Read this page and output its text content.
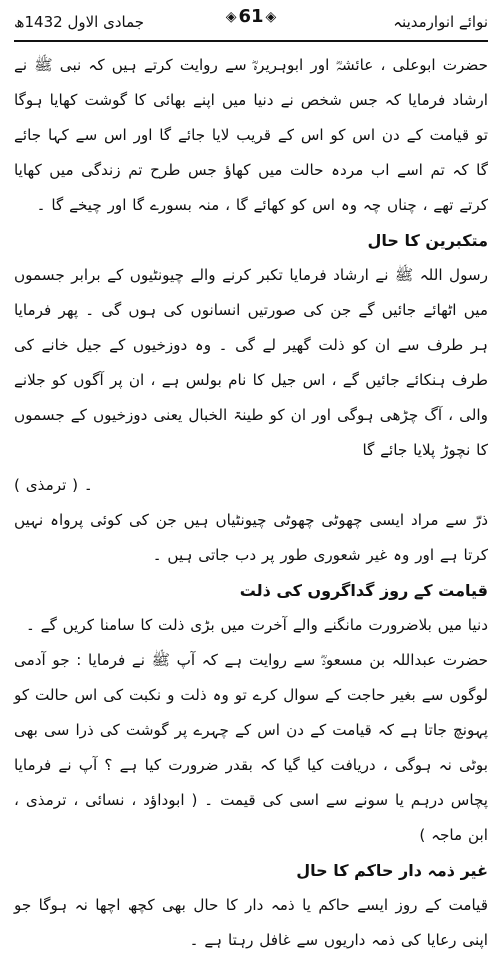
نوائے انوارمدینہ
◈ 61 ◈
جمادی الاول 1432ھ

حضرت ابوعلی ، عائشہؓ اور ابوہریرہؓ سے روایت کرتے ہیں کہ نبی ﷺ نے ارشاد فرمایا کہ جس شخص نے دنیا میں اپنے بھائی کا گوشت کھایا ہوگا تو قیامت کے دن اس کو اس کے قریب لایا جائے گا اور اس سے کہا جائے گا کہ تم اسے اب مردہ حالت میں کھاؤ جس طرح تم زندگی میں کھایا کرتے تھے ، چناں چہ وہ اس کو کھائے گا ، منہ بسورے گا اور چیخے گا ۔

متکبرین کا حال

رسول اللہ ﷺ نے ارشاد فرمایا تکبر کرنے والے چیونٹیوں کے برابر جسموں میں اٹھائے جائیں گے جن کی صورتیں انسانوں کی ہوں گی ۔ پھر فرمایا ہر طرف سے ان کو ذلت گھیر لے گی ۔ وہ دوزخیوں کے جیل خانے کی طرف ہنکائے جائیں گے ، اس جیل کا نام بولس ہے ، ان پر آگوں کو جلانے والی ، آگ چڑھی ہوگی اور ان کو طینۃ الخبال یعنی دوزخیوں کے جسموں کا نچوڑ پلایا جائے گا

۔ ( ترمذی )

ذرّ سے مراد ایسی چھوٹی چھوٹی چیونٹیاں ہیں جن کی کوئی پرواہ نہیں کرتا ہے اور وہ غیر شعوری طور پر دب جاتی ہیں ۔

قیامت کے روز گداگروں کی ذلت

دنیا میں بلاضرورت مانگنے والے آخرت میں بڑی ذلت کا سامنا کریں گے ۔

حضرت عبداللہ بن مسعودؓ سے روایت ہے کہ آپ ﷺ نے فرمایا : جو آدمی لوگوں سے بغیر حاجت کے سوال کرے تو وہ ذلت و نکبت کی اس حالت کو پہونچ جاتا ہے کہ قیامت کے دن اس کے چہرے پر گوشت کی ذرا سی بھی بوٹی نہ ہوگی ، دریافت کیا گیا کہ بقدر ضرورت کیا ہے ؟ آپ نے فرمایا پچاس درہم یا سونے سے اسی کی قیمت ۔ ( ابوداؤد ، نسائی ، ترمذی ، ابن ماجہ )

غیر ذمہ دار حاکم کا حال

قیامت کے روز ایسے حاکم یا ذمہ دار کا حال بھی کچھ اچھا نہ ہوگا جو اپنی رعایا کی ذمہ داریوں سے غافل رہتا ہے ۔
